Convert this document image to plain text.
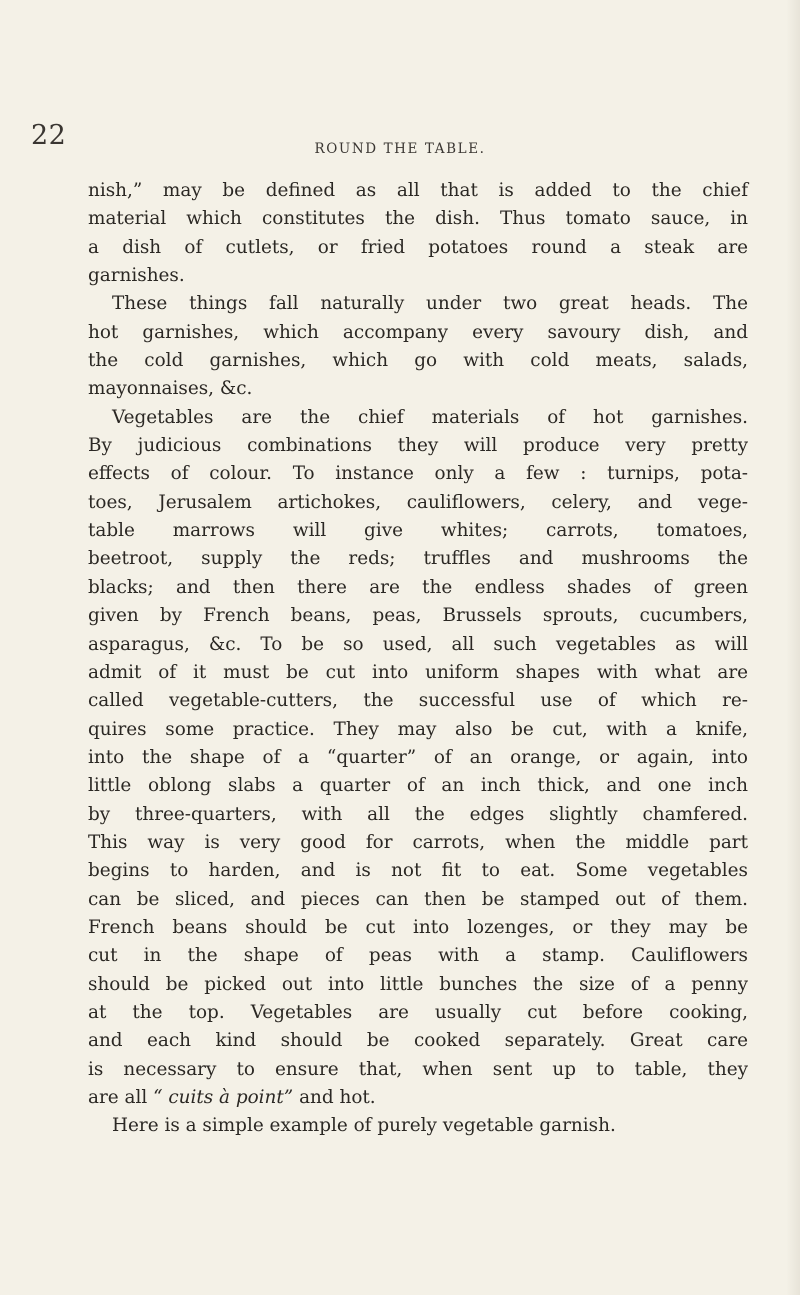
22	ROUND THE TABLE.
nish,” may be defined as all that is added to the chief
material which constitutes the dish. Thus tomato sauce, in
a dish of cutlets, or fried potatoes round a steak are
garnishes.
These things fall naturally under two great heads. The
hot garnishes, which accompany every savoury dish, and
the cold garnishes, which go with cold meats, salads,
mayonnaises, &c.
Vegetables are the chief materials of hot garnishes.
By judicious combinations they will produce very pretty
effects of colour. To instance only a few : turnips, pota-
toes, Jerusalem artichokes, cauliflowers, celery, and vege-
table marrows will give whites; carrots, tomatoes,
beetroot, supply the reds; truffles and mushrooms the
blacks; and then there are the endless shades of green
given by French beans, peas, Brussels sprouts, cucumbers,
asparagus, &c. To be so used, all such vegetables as will
admit of it must be cut into uniform shapes with what are
called vegetable-cutters, the successful use of which re-
quires some practice. They may also be cut, with a knife,
into the shape of a “quarter” of an orange, or again, into
little oblong slabs a quarter of an inch thick, and one inch
by three-quarters, with all the edges slightly chamfered.
This way is very good for carrots, when the middle part
begins to harden, and is not fit to eat. Some vegetables
can be sliced, and pieces can then be stamped out of them.
French beans should be cut into lozenges, or they may be
cut in the shape of peas with a stamp. Cauliflowers
should be picked out into little bunches the size of a penny
at the top. Vegetables are usually cut before cooking,
and each kind should be cooked separately. Great care
is necessary to ensure that, when sent up to table, they
are all “ cuits à point” and hot.
Here is a simple example of purely vegetable garnish.
